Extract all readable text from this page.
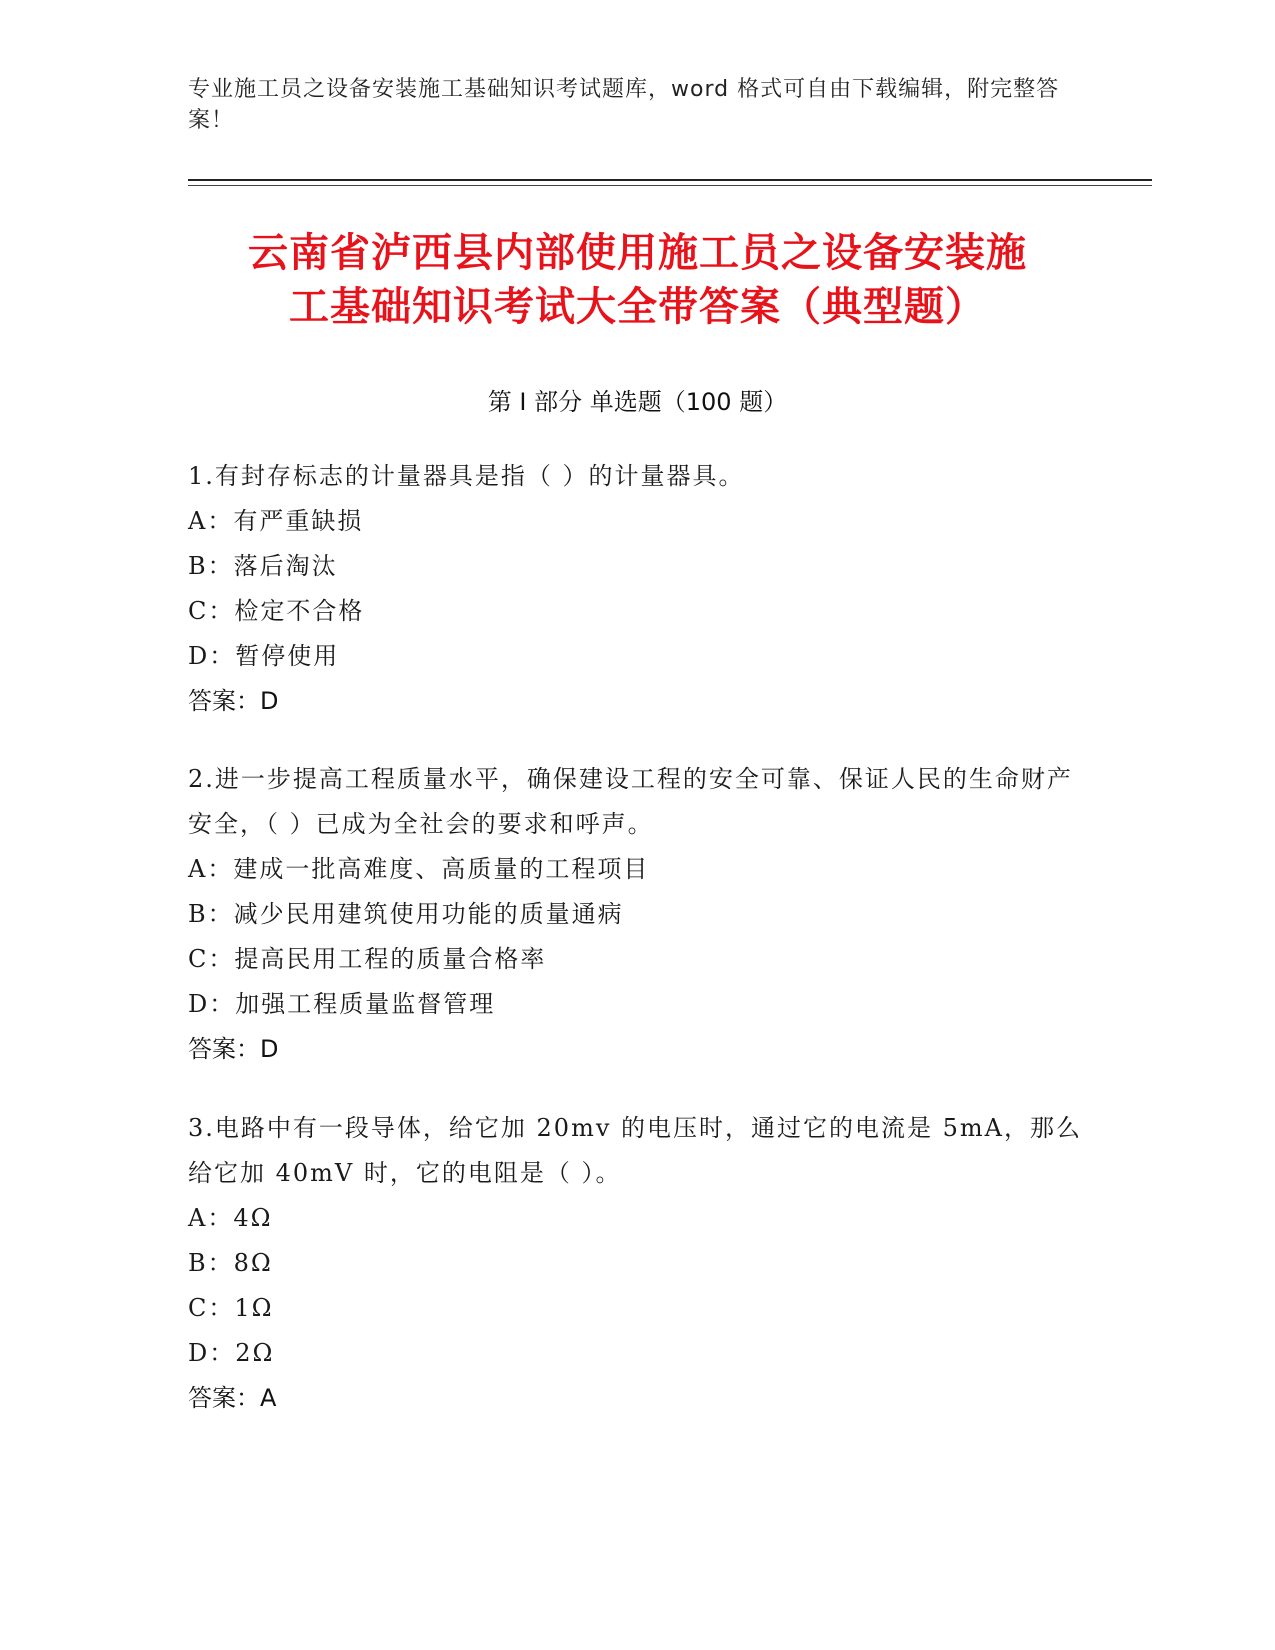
专业施工员之设备安装施工基础知识考试题库，word 格式可自由下载编辑，附完整答案！
云南省泸西县内部使用施工员之设备安装施
工基础知识考试大全带答案（典型题）
第 I 部分 单选题（100 题）
1.有封存标志的计量器具是指（ ）的计量器具。
A：有严重缺损
B：落后淘汰
C：检定不合格
D：暂停使用
答案：D
2.进一步提高工程质量水平，确保建设工程的安全可靠、保证人民的生命财产安全，（ ）已成为全社会的要求和呼声。
A：建成一批高难度、高质量的工程项目
B：减少民用建筑使用功能的质量通病
C：提高民用工程的质量合格率
D：加强工程质量监督管理
答案：D
3.电路中有一段导体，给它加 20mv 的电压时，通过它的电流是 5mA，那么给它加 40mV 时，它的电阻是（ ）。
A：4Ω
B：8Ω
C：1Ω
D：2Ω
答案：A
